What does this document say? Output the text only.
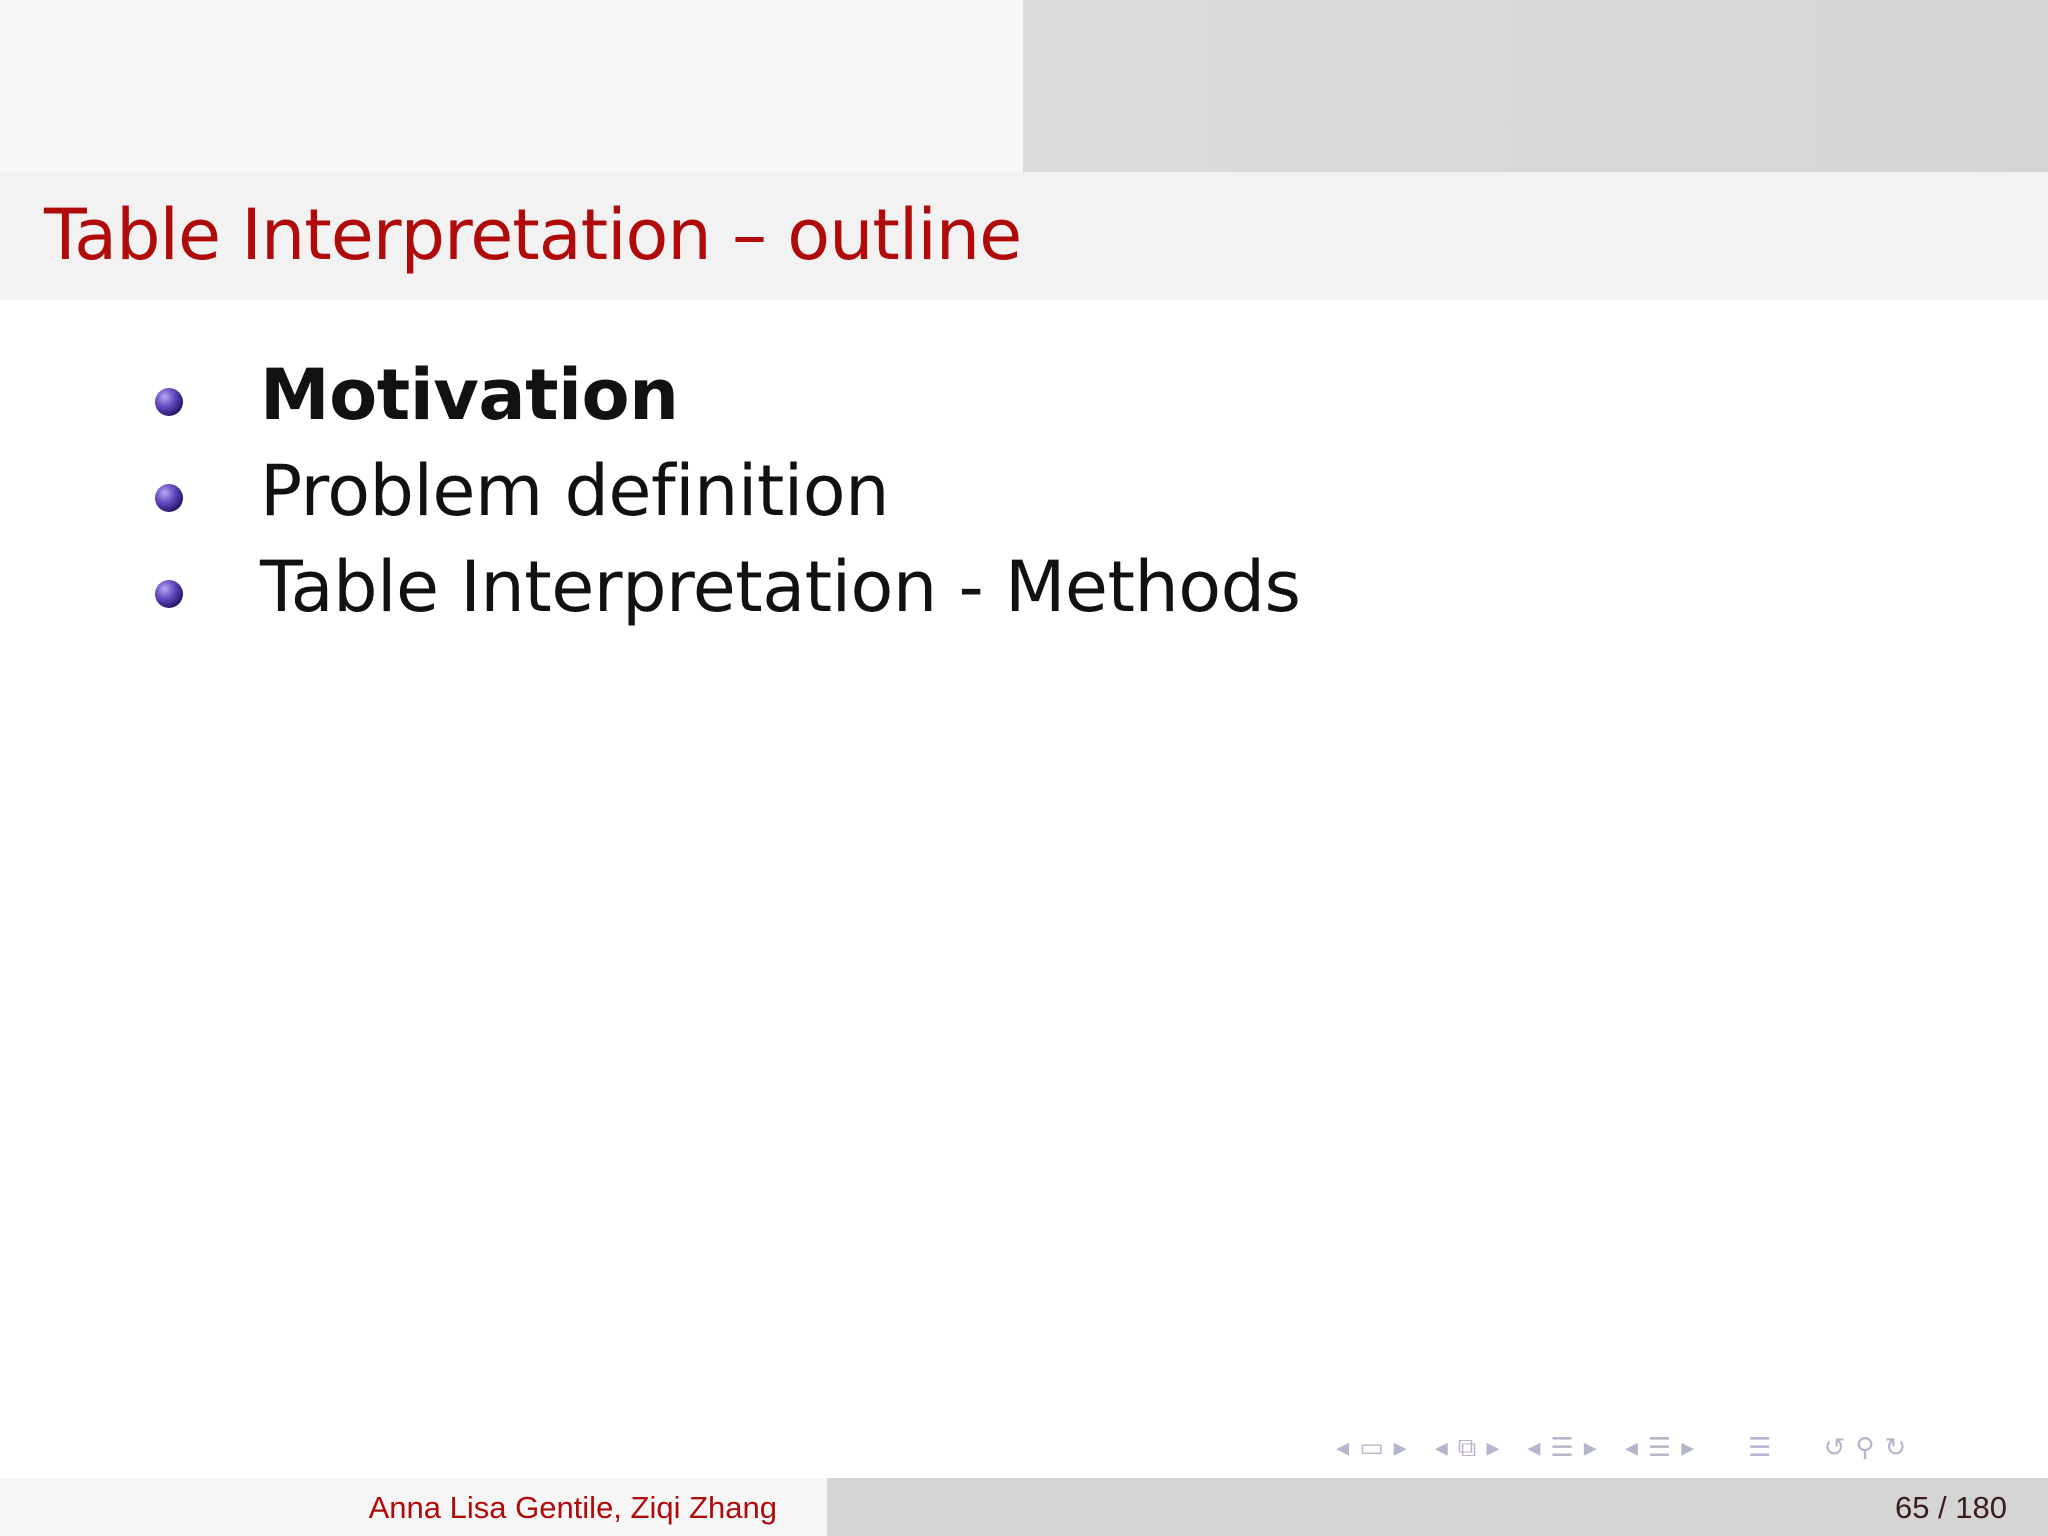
Table Interpretation – outline
Motivation
Problem definition
Table Interpretation - Methods
◂ ▭ ▸ ◂ ⧉ ▸ ◂ ☰ ▸ ◂ ☰ ▸ ☰ ↺ ⚲ ↻
Anna Lisa Gentile, Ziqi Zhang	65 / 180
